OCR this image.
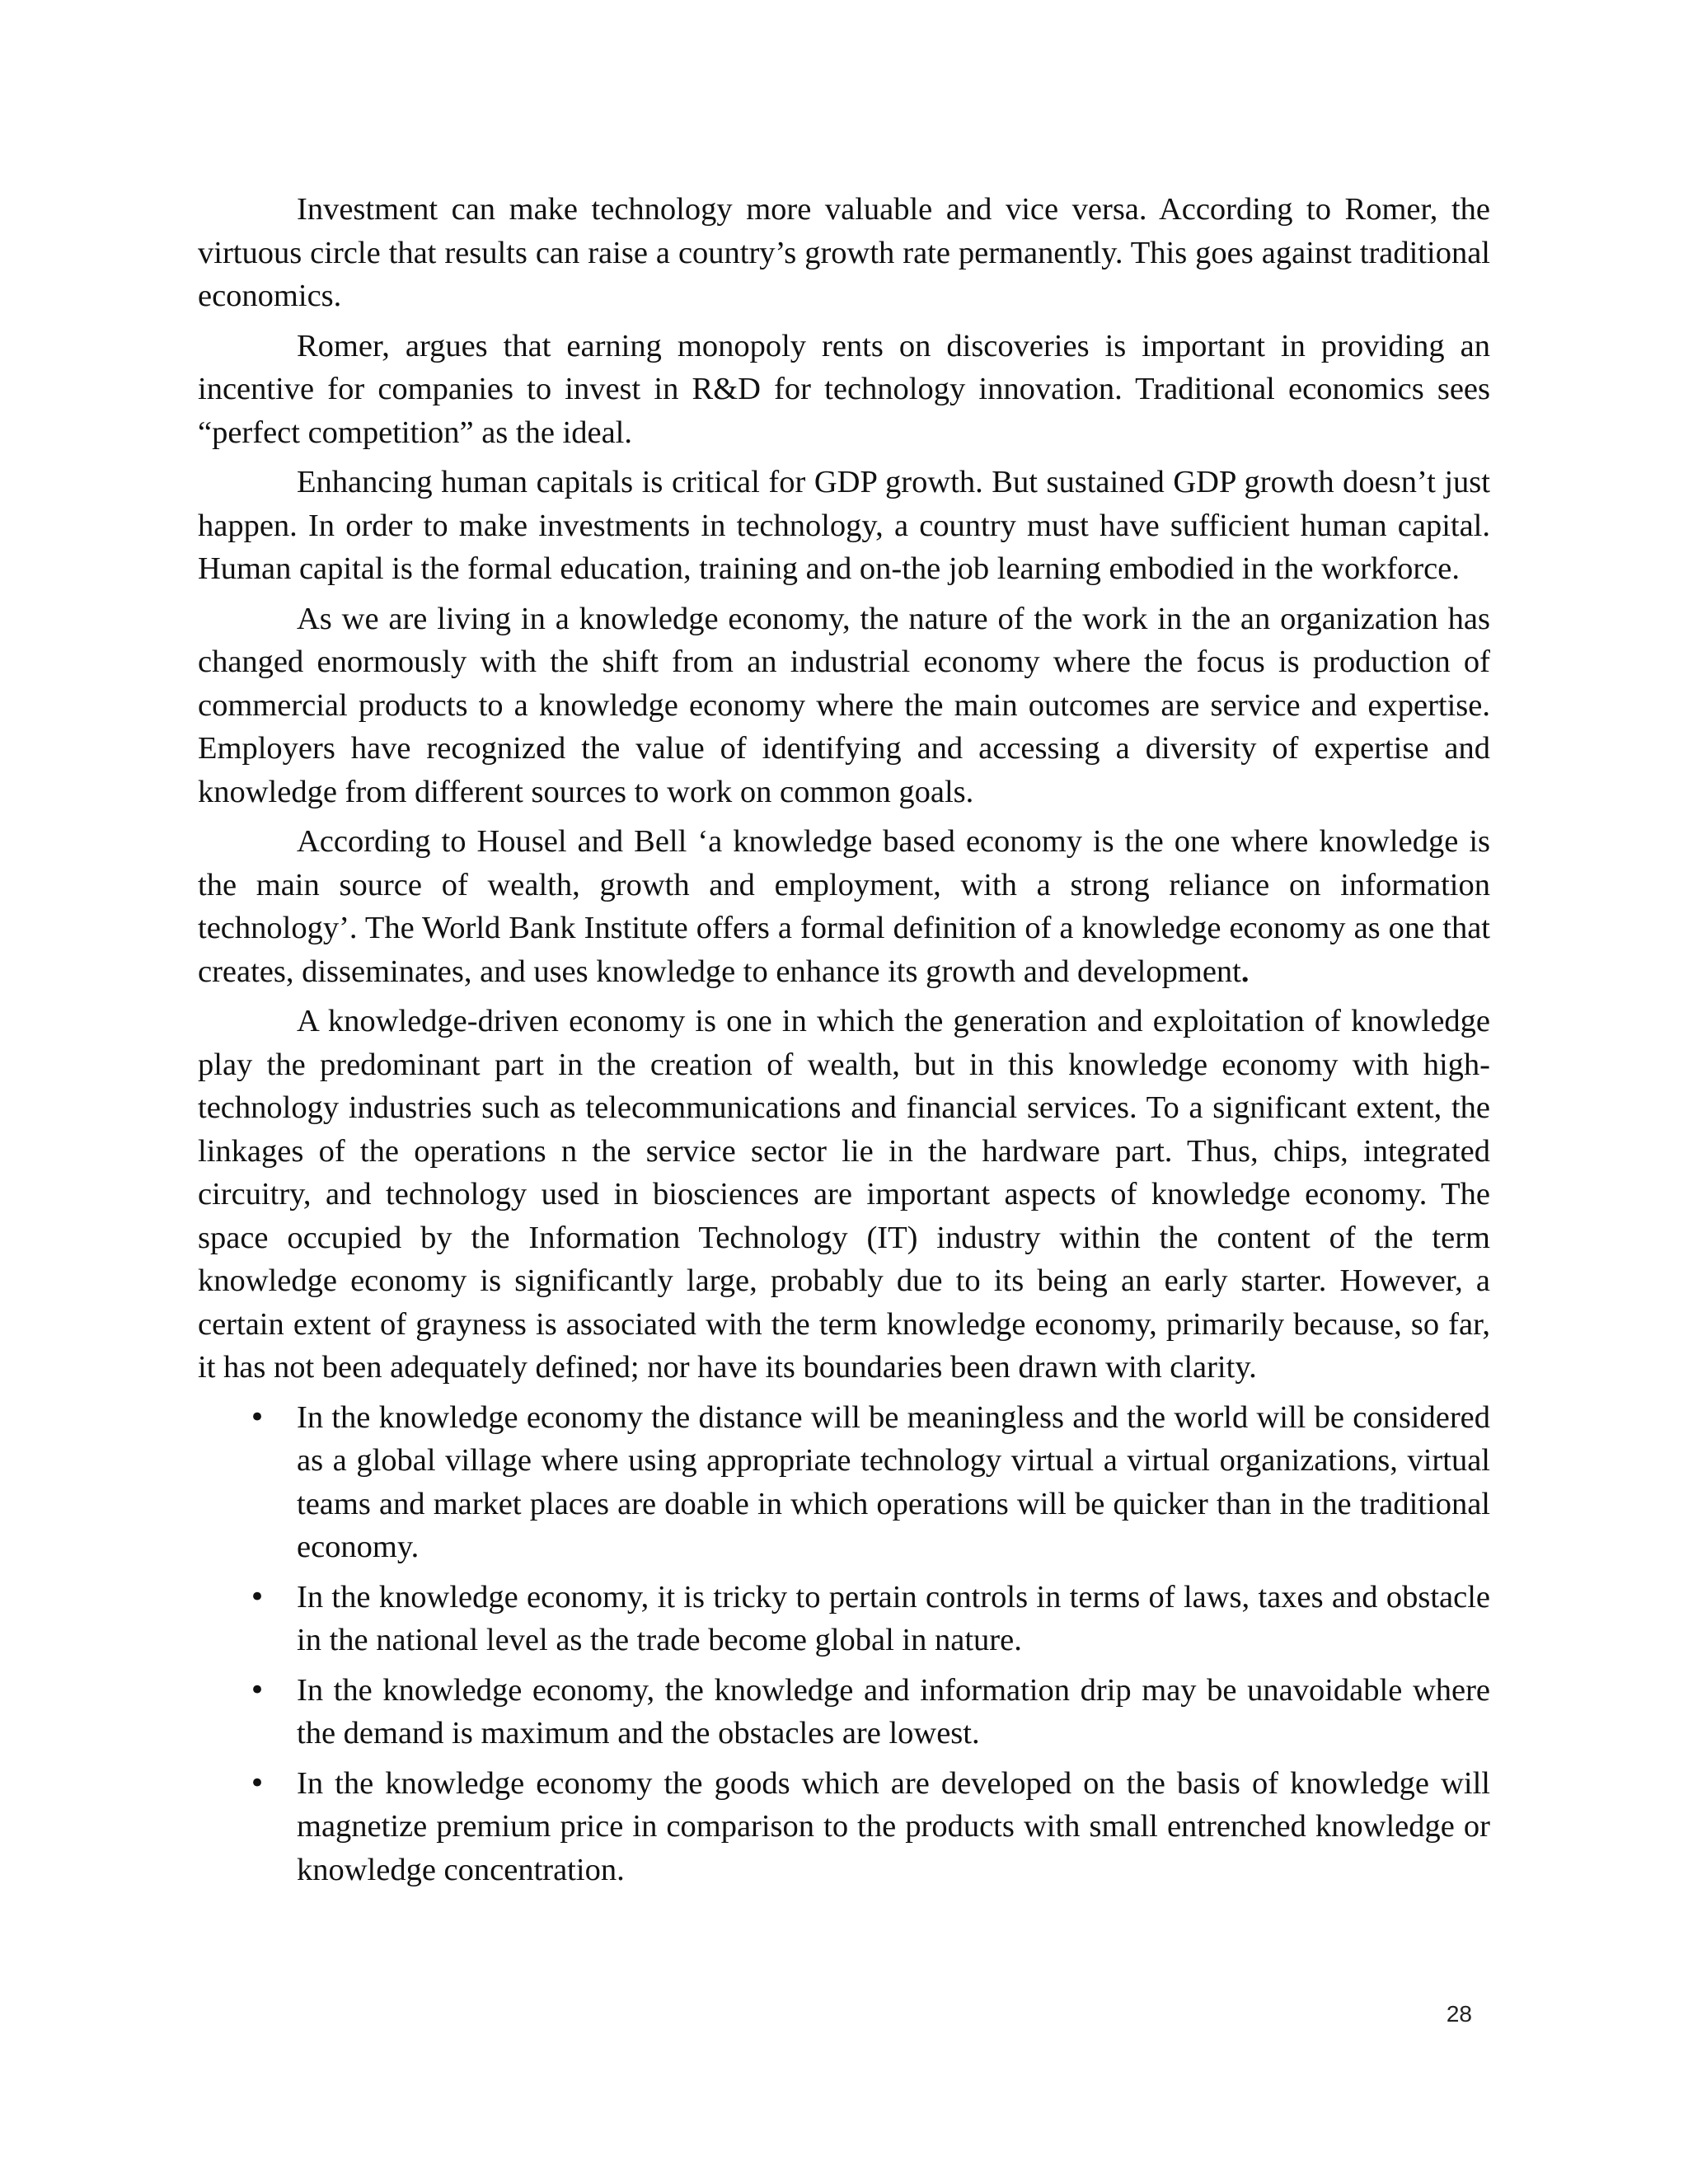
Investment can make technology more valuable and vice versa. According to Romer, the virtuous circle that results can raise a country’s growth rate permanently. This goes against traditional economics.

Romer, argues that earning monopoly rents on discoveries is important in providing an incentive for companies to invest in R&D for technology innovation. Traditional economics sees “perfect competition” as the ideal.

Enhancing human capitals is critical for GDP growth. But sustained GDP growth doesn’t just happen. In order to make investments in technology, a country must have sufficient human capital. Human capital is the formal education, training and on-the job learning embodied in the workforce.

As we are living in a knowledge economy, the nature of the work in the an organization has changed enormously with the shift from an industrial economy where the focus is production of commercial products to a knowledge economy where the main outcomes are service and expertise. Employers have recognized the value of identifying and accessing a diversity of expertise and knowledge from different sources to work on common goals.

According to Housel and Bell ‘a knowledge based economy is the one where knowledge is the main source of wealth, growth and employment, with a strong reliance on information technology’. The World Bank Institute offers a formal definition of a knowledge economy as one that creates, disseminates, and uses knowledge to enhance its growth and development.

A knowledge-driven economy is one in which the generation and exploitation of knowledge play the predominant part in the creation of wealth, but in this knowledge economy with high-technology industries such as telecommunications and financial services. To a significant extent, the linkages of the operations n the service sector lie in the hardware part. Thus, chips, integrated circuitry, and technology used in biosciences are important aspects of knowledge economy. The space occupied by the Information Technology (IT) industry within the content of the term knowledge economy is significantly large, probably due to its being an early starter. However, a certain extent of grayness is associated with the term knowledge economy, primarily because, so far, it has not been adequately defined; nor have its boundaries been drawn with clarity.

• In the knowledge economy the distance will be meaningless and the world will be considered as a global village where using appropriate technology virtual a virtual organizations, virtual teams and market places are doable in which operations will be quicker than in the traditional economy.
• In the knowledge economy, it is tricky to pertain controls in terms of laws, taxes and obstacle in the national level as the trade become global in nature.
• In the knowledge economy, the knowledge and information drip may be unavoidable where the demand is maximum and the obstacles are lowest.
• In the knowledge economy the goods which are developed on the basis of knowledge will magnetize premium price in comparison to the products with small entrenched knowledge or knowledge concentration.
28
